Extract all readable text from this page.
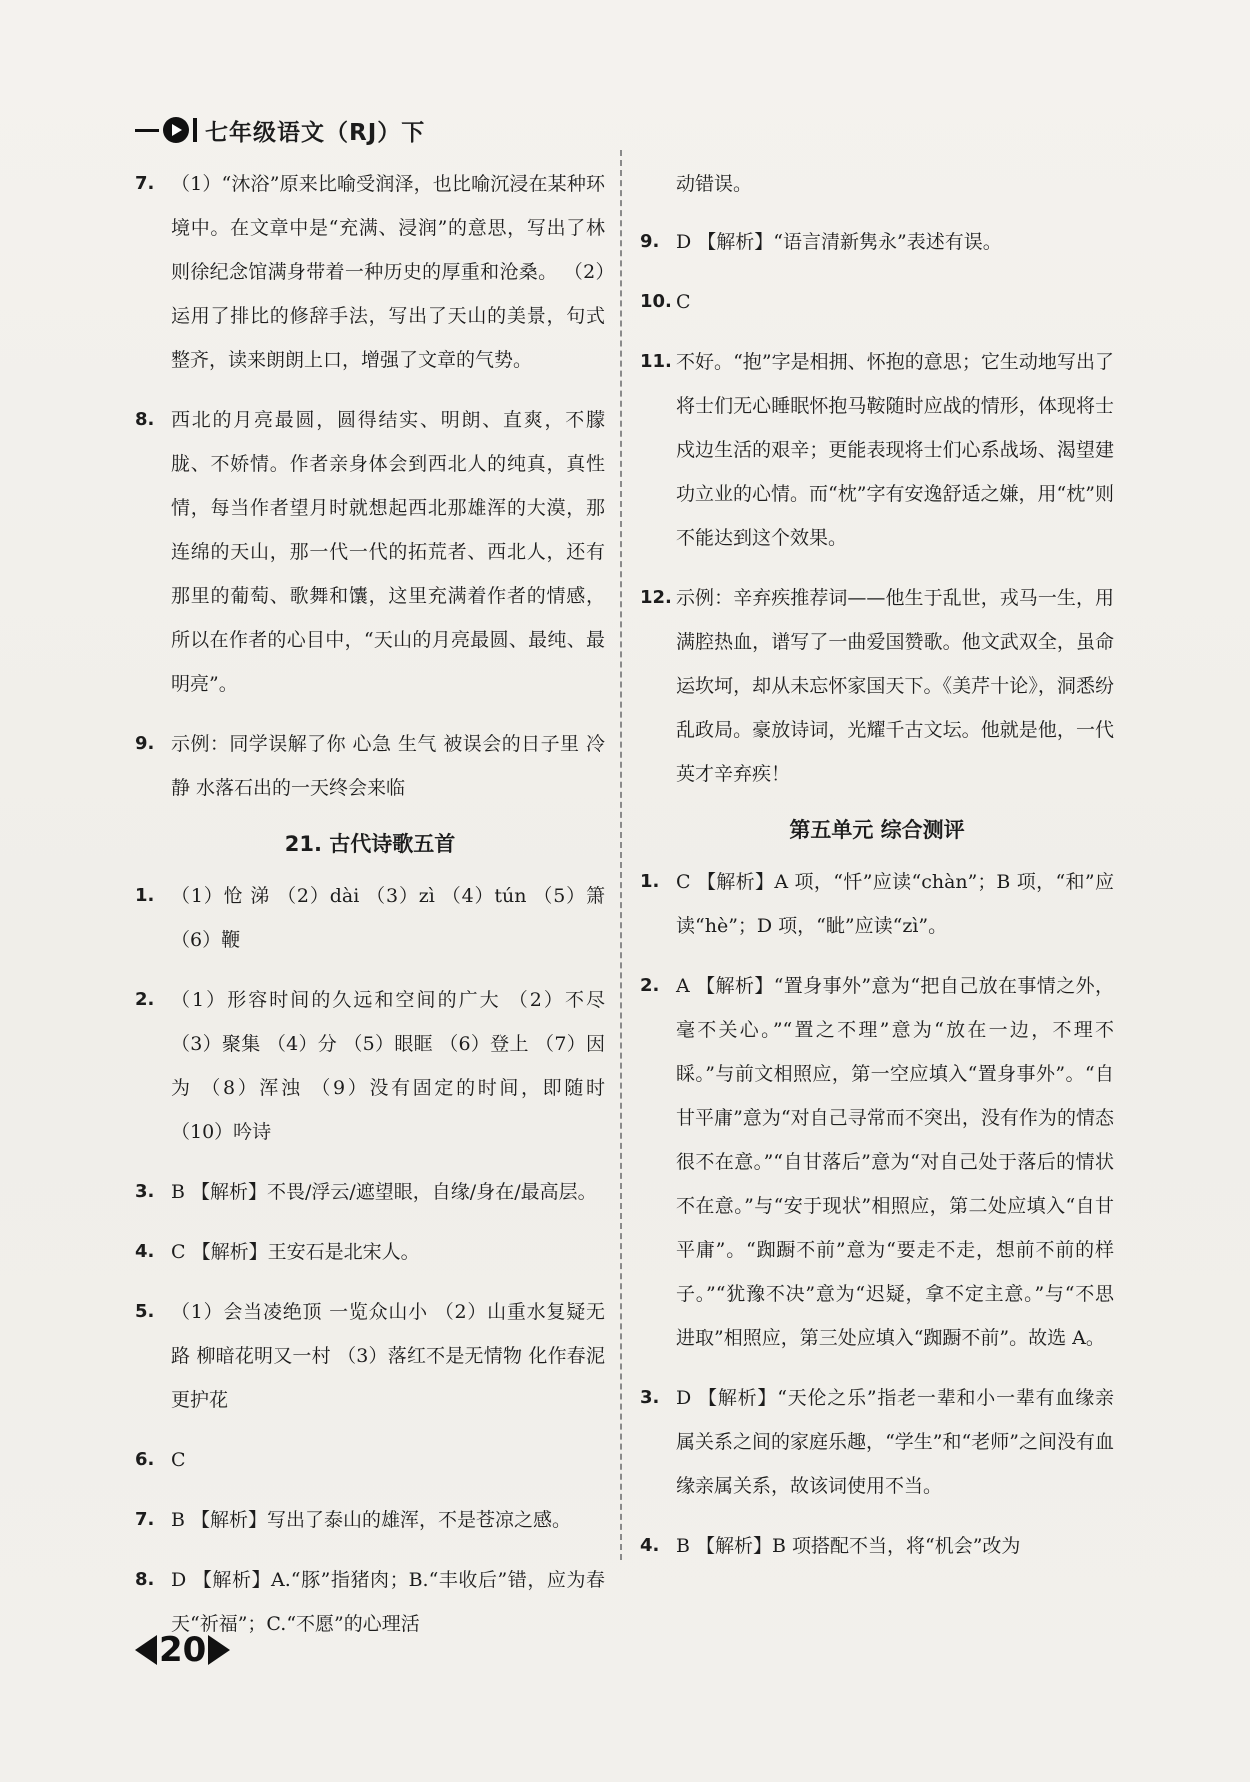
七年级语文（RJ）下
7. （1）“沐浴”原来比喻受润泽，也比喻沉浸在某种环境中。在文章中是“充满、浸润”的意思，写出了林则徐纪念馆满身带着一种历史的厚重和沧桑。 （2）运用了排比的修辞手法，写出了天山的美景，句式整齐，读来朗朗上口，增强了文章的气势。
8. 西北的月亮最圆，圆得结实、明朗、直爽，不朦胧、不娇情。作者亲身体会到西北人的纯真，真性情，每当作者望月时就想起西北那雄浑的大漠，那连绵的天山，那一代一代的拓荒者、西北人，还有那里的葡萄、歌舞和馕，这里充满着作者的情感，所以在作者的心目中，“天山的月亮最圆、最纯、最明亮”。
9. 示例：同学误解了你 心急 生气 被误会的日子里 冷静 水落石出的一天终会来临
21. 古代诗歌五首
1. （1）怆 涕 （2）dài （3）zì （4）tún （5）箫 （6）鞭
2. （1）形容时间的久远和空间的广大 （2）不尽 （3）聚集 （4）分 （5）眼眶 （6）登上 （7）因为 （8）浑浊 （9）没有固定的时间，即随时 （10）吟诗
3. B 【解析】不畏/浮云/遮望眼，自缘/身在/最高层。
4. C 【解析】王安石是北宋人。
5. （1）会当凌绝顶 一览众山小 （2）山重水复疑无路 柳暗花明又一村 （3）落红不是无情物 化作春泥更护花
6. C
7. B 【解析】写出了泰山的雄浑，不是苍凉之感。
8. D 【解析】A.“豚”指猪肉；B.“丰收后”错，应为春天“祈福”；C.“不愿”的心理活
动错误。
9. D 【解析】“语言清新隽永”表述有误。
10. C
11. 不好。“抱”字是相拥、怀抱的意思；它生动地写出了将士们无心睡眠怀抱马鞍随时应战的情形，体现将士戍边生活的艰辛；更能表现将士们心系战场、渴望建功立业的心情。而“枕”字有安逸舒适之嫌，用“枕”则不能达到这个效果。
12. 示例：辛弃疾推荐词——他生于乱世，戎马一生，用满腔热血，谱写了一曲爱国赞歌。他文武双全，虽命运坎坷，却从未忘怀家国天下。《美芹十论》，洞悉纷乱政局。豪放诗词，光耀千古文坛。他就是他，一代英才辛弃疾！
第五单元 综合测评
1. C 【解析】A 项，“忏”应读“chàn”；B 项，“和”应读“hè”；D 项，“眦”应读“zì”。
2. A 【解析】“置身事外”意为“把自己放在事情之外，毫不关心。”“置之不理”意为“放在一边，不理不睬。”与前文相照应，第一空应填入“置身事外”。“自甘平庸”意为“对自己寻常而不突出，没有作为的情态很不在意。”“自甘落后”意为“对自己处于落后的情状不在意。”与“安于现状”相照应，第二处应填入“自甘平庸”。“踟蹰不前”意为“要走不走，想前不前的样子。”“犹豫不决”意为“迟疑，拿不定主意。”与“不思进取”相照应，第三处应填入“踟蹰不前”。故选 A。
3. D 【解析】“天伦之乐”指老一辈和小一辈有血缘亲属关系之间的家庭乐趣，“学生”和“老师”之间没有血缘亲属关系，故该词使用不当。
4. B 【解析】B 项搭配不当，将“机会”改为
20
